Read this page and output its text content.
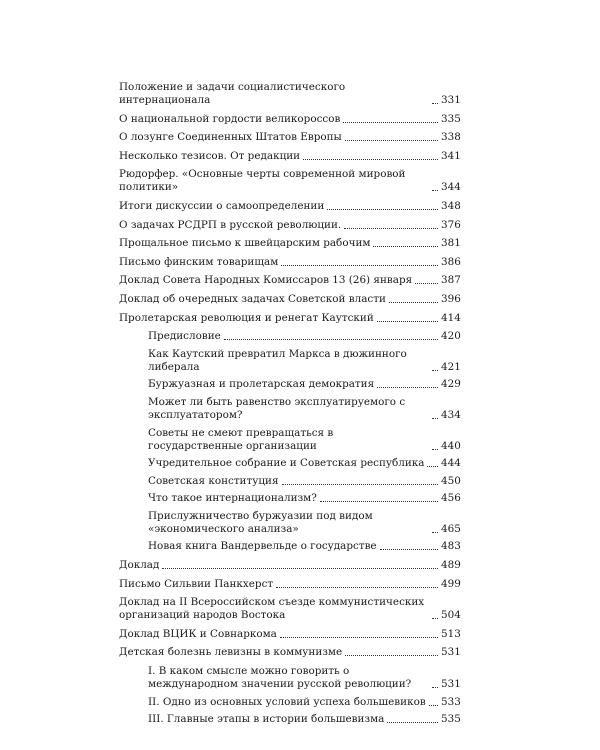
Положение и задачи социалистического интернационала	331
О национальной гордости великороссов	335
О лозунге Соединенных Штатов Европы	338
Несколько тезисов. От редакции	341
Рюдорфер. «Основные черты современной мировой политики»	344
Итоги дискуссии о самоопределении	348
О задачах РСДРП в русской революции.	376
Прощальное письмо к швейцарским рабочим	381
Письмо финским товарищам	386
Доклад Совета Народных Комиссаров 13 (26) января	387
Доклад об очередных задачах Советской власти	396
Пролетарская революция и ренегат Каутский	414
Предисловие	420
Как Каутский превратил Маркса в дюжинного либерала	421
Буржуазная и пролетарская демократия	429
Может ли быть равенство эксплуатируемого с эксплуататором?	434
Советы не смеют превращаться в государственные организации	440
Учредительное собрание и Советская республика 444
Советская конституция	450
Что такое интернационализм?	456
Прислужничество буржуазии под видом «экономического анализа»	465
Новая книга Вандервельде о государстве	483
Доклад	489
Письмо Сильвии Панкхерст	499
Доклад на II Всероссийском съезде коммунистических организаций народов Востока	504
Доклад ВЦИК и Совнаркома	513
Детская болезнь левизны в коммунизме	531
I. В каком смысле можно говорить о международном значении русской революции?	531
II. Одно из основных условий успеха большевиков 533
III. Главные этапы в истории большевизма	535
